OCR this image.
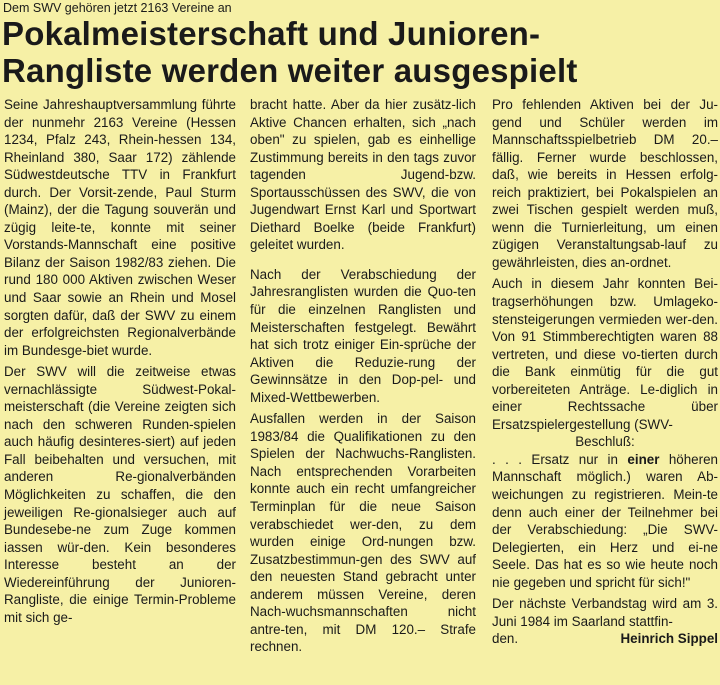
Dem SWV gehören jetzt 2163 Vereine an
Pokalmeisterschaft und Junioren-
Rangliste werden weiter ausgespielt

Seine Jahreshauptversammlung führte der nunmehr 2163 Vereine (Hessen 1234, Pfalz 243, Rhein-hessen 134, Rheinland 380, Saar 172) zählende Südwestdeutsche TTV in Frankfurt durch. Der Vorsit-zende, Paul Sturm (Mainz), der die Tagung souverän und zügig leite-te, konnte mit seiner Vorstands-Mannschaft eine positive Bilanz der Saison 1982/83 ziehen. Die rund 180 000 Aktiven zwischen Weser und Saar sowie an Rhein und Mosel sorgten dafür, daß der SWV zu einem der erfolgreichsten Regionalverbände im Bundesge-biet wurde.

Der SWV will die zeitweise etwas vernachlässigte Südwest-Pokal-meisterschaft (die Vereine zeigten sich nach den schweren Runden-spielen auch häufig desinteres-siert) auf jeden Fall beibehalten und versuchen, mit anderen Re-gionalverbänden Möglichkeiten zu schaffen, die den jeweiligen Re-gionalsieger auch auf Bundesebe-ne zum Zuge kommen iassen wür-den. Kein besonderes Interesse besteht an der Wiedereinführung der Junioren-Rangliste, die einige Termin-Probleme mit sich ge-

bracht hatte. Aber da hier zusätz-lich Aktive Chancen erhalten, sich „nach oben" zu spielen, gab es einhellige Zustimmung bereits in den tags zuvor tagenden Jugend-bzw. Sportausschüssen des SWV, die von Jugendwart Ernst Karl und Sportwart Diethard Boelke (beide Frankfurt) geleitet wurden.

Nach der Verabschiedung der Jahresranglisten wurden die Quo-ten für die einzelnen Ranglisten und Meisterschaften festgelegt. Bewährt hat sich trotz einiger Ein-sprüche der Aktiven die Reduzie-rung der Gewinnsätze in den Dop-pel- und Mixed-Wettbewerben.

Ausfallen werden in der Saison 1983/84 die Qualifikationen zu den Spielen der Nachwuchs-Ranglisten. Nach entsprechenden Vorarbeiten konnte auch ein recht umfangreicher Terminplan für die neue Saison verabschiedet wer-den, zu dem wurden einige Ord-nungen bzw. Zusatzbestimmun-gen des SWV auf den neuesten Stand gebracht unter anderem müssen Vereine, deren Nach-wuchsmannschaften nicht antre-ten, mit DM 120.– Strafe rechnen.

Pro fehlenden Aktiven bei der Ju-gend und Schüler werden im Mannschaftsspielbetrieb DM 20.– fällig. Ferner wurde beschlossen, daß, wie bereits in Hessen erfolg-reich praktiziert, bei Pokalspielen an zwei Tischen gespielt werden muß, wenn die Turnierleitung, um einen zügigen Veranstaltungsab-lauf zu gewährleisten, dies an-ordnet.

Auch in diesem Jahr konnten Bei-tragserhöhungen bzw. Umlageko-stensteigerungen vermieden wer-den. Von 91 Stimmberechtigten waren 88 vertreten, und diese vo-tierten durch die Bank einmütig für die gut vorbereiteten Anträge. Le-diglich in einer Rechtssache über Ersatzspielergestellung (SWV-

Beschluß:

. . . Ersatz nur in einer höheren Mannschaft möglich.) waren Ab-weichungen zu registrieren. Mein-te denn auch einer der Teilnehmer bei der Verabschiedung: „Die SWV-Delegierten, ein Herz und ei-ne Seele. Das hat es so wie heute noch nie gegeben und spricht für sich!"

Der nächste Verbandstag wird am 3. Juni 1984 im Saarland stattfin-

den.	Heinrich Sippel
